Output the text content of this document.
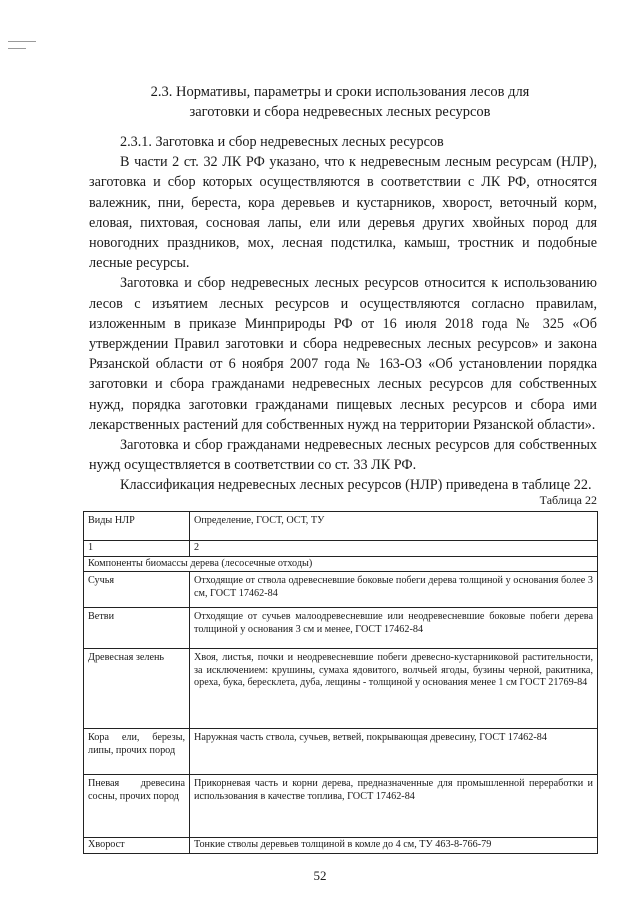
2.3. Нормативы, параметры и сроки использования лесов для
заготовки и сбора недревесных лесных ресурсов

2.3.1. Заготовка и сбор недревесных лесных ресурсов

В части 2 ст. 32 ЛК РФ указано, что к недревесным лесным ресурсам (НЛР), заготовка и сбор которых осуществляются в соответствии с ЛК РФ, относятся валежник, пни, береста, кора деревьев и кустарников, хворост, веточный корм, еловая, пихтовая, сосновая лапы, ели или деревья других хвойных пород для новогодних праздников, мох, лесная подстилка, камыш, тростник и подобные лесные ресурсы.

Заготовка и сбор недревесных лесных ресурсов относится к использованию лесов с изъятием лесных ресурсов и осуществляются согласно правилам, изложенным в приказе Минприроды РФ от 16 июля 2018 года № 325 «Об утверждении Правил заготовки и сбора недревесных лесных ресурсов» и закона Рязанской области от 6 ноября 2007 года № 163-ОЗ «Об установлении порядка заготовки и сбора гражданами недревесных лесных ресурсов для собственных нужд, порядка заготовки гражданами пищевых лесных ресурсов и сбора ими лекарственных растений для собственных нужд на территории Рязанской области».

Заготовка и сбор гражданами недревесных лесных ресурсов для собственных нужд осуществляется в соответствии со ст. 33 ЛК РФ.

Классификация недревесных лесных ресурсов (НЛР) приведена в таблице 22.

Таблица 22
Виды НЛР	Определение, ГОСТ, ОСТ, ТУ
1	2
Компоненты биомассы дерева (лесосечные отходы)	
Сучья	Отходящие от ствола одревесневшие боковые побеги дерева толщиной у основания более 3 см, ГОСТ 17462-84
Ветви	Отходящие от сучьев малоодревесневшие или неодревесневшие боковые побеги дерева толщиной у основания 3 см и менее, ГОСТ 17462-84
Древесная зелень	Хвоя, листья, почки и неодревесневшие побеги древесно-кустарниковой растительности, за исключением: крушины, сумаха ядовитого, волчьей ягоды, бузины черной, ракитника, ореха, бука, бересклета, дуба, лещины - толщиной у основания менее 1 см ГОСТ 21769-84
Кора ели, березы, липы, прочих пород	Наружная часть ствола, сучьев, ветвей, покрывающая древесину, ГОСТ 17462-84
Пневая древесина сосны, прочих пород	Прикорневая часть и корни дерева, предназначенные для промышленной переработки и использования в качестве топлива, ГОСТ 17462-84
Хворост	Тонкие стволы деревьев толщиной в комле до 4 см, ТУ 463-8-766-79
52
